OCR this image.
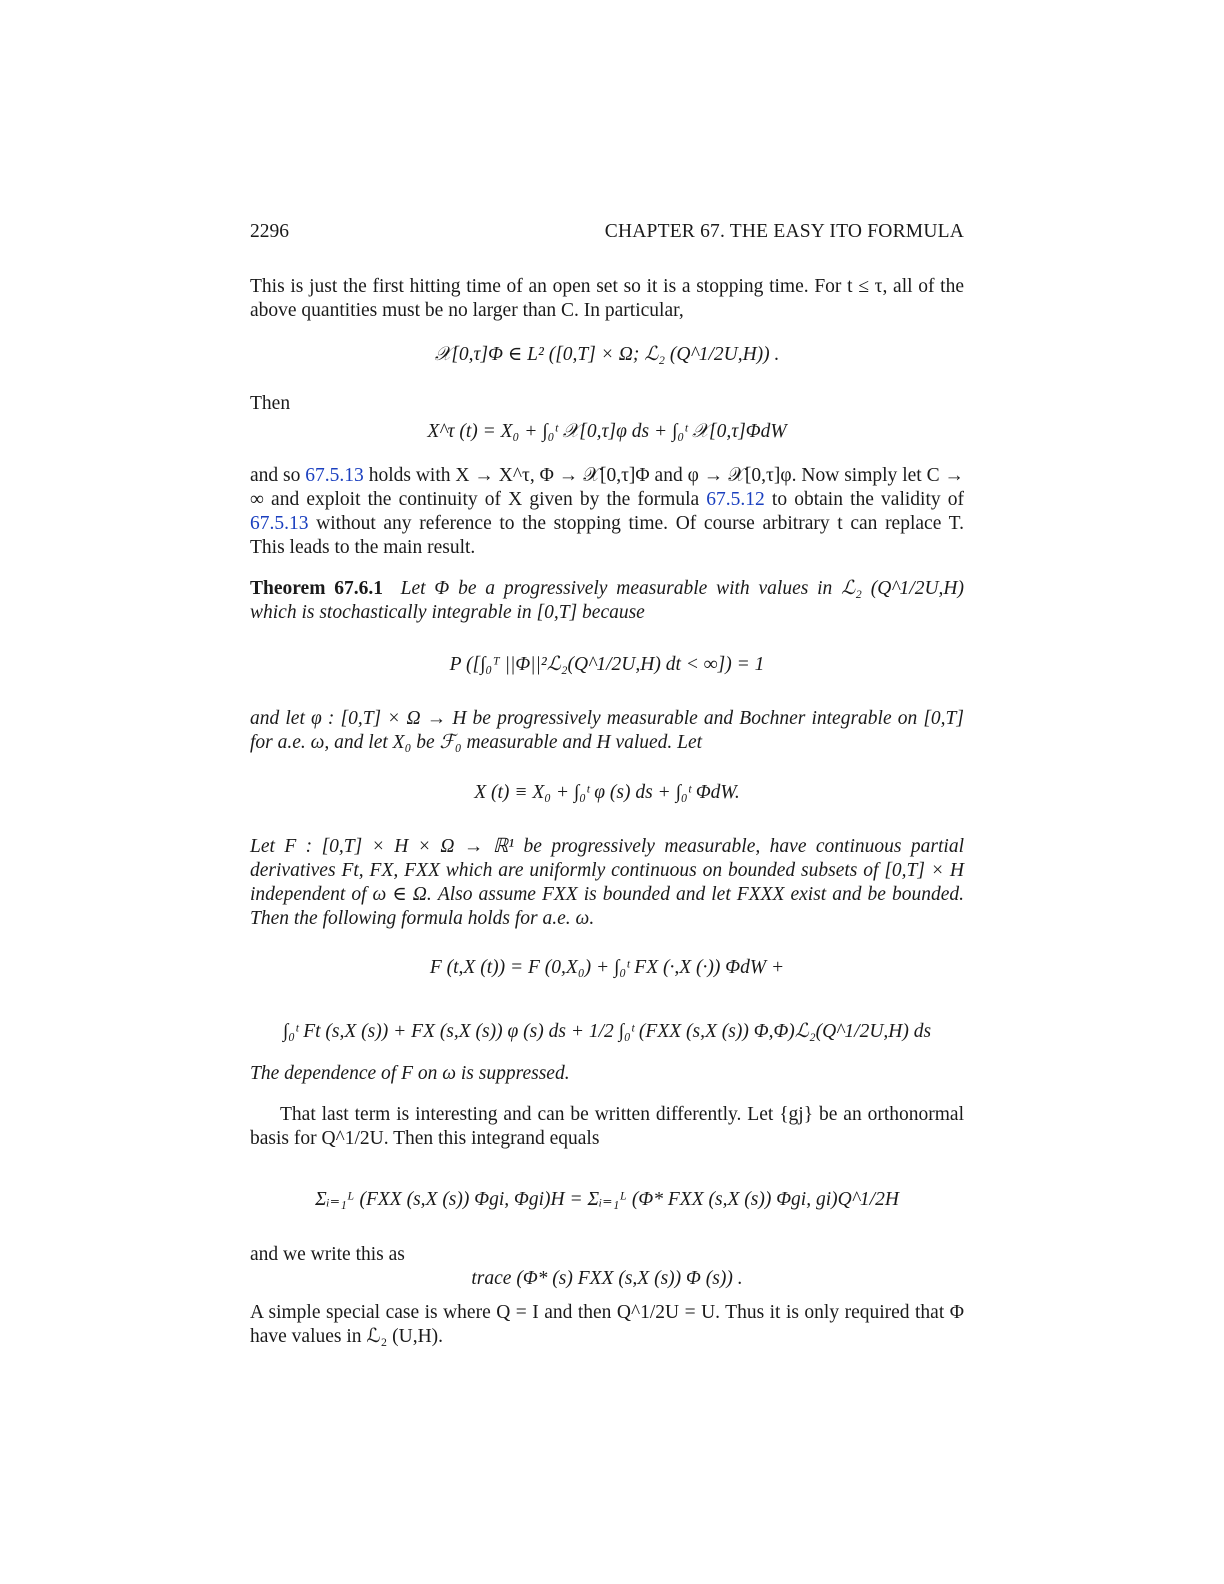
2296	CHAPTER 67. THE EASY ITO FORMULA

This is just the first hitting time of an open set so it is a stopping time. For t ≤ τ, all of the above quantities must be no larger than C. In particular,

𝒳[0,τ]Φ ∈ L² ([0,T] × Ω; ℒ₂ (Q^1/2U,H)) .
Then
X^τ (t) = X₀ + ∫₀ᵗ 𝒳[0,τ]φ ds + ∫₀ᵗ 𝒳[0,τ]ΦdW

and so 67.5.13 holds with X → X^τ, Φ → 𝒳[0,τ]Φ and φ → 𝒳[0,τ]φ. Now simply let C → ∞ and exploit the continuity of X given by the formula 67.5.12 to obtain the validity of 67.5.13 without any reference to the stopping time. Of course arbitrary t can replace T. This leads to the main result.

Theorem 67.6.1 Let Φ be a progressively measurable with values in ℒ₂ (Q^1/2U,H) which is stochastically integrable in [0,T] because

P ([∫₀ᵀ ||Φ||²ℒ₂(Q^1/2U,H) dt < ∞]) = 1

and let φ : [0,T] × Ω → H be progressively measurable and Bochner integrable on [0,T] for a.e. ω, and let X₀ be ℱ₀ measurable and H valued. Let

X (t) ≡ X₀ + ∫₀ᵗ φ (s) ds + ∫₀ᵗ ΦdW.

Let F : [0,T] × H × Ω → ℝ¹ be progressively measurable, have continuous partial derivatives Ft, FX, FXX which are uniformly continuous on bounded subsets of [0,T] × H independent of ω ∈ Ω. Also assume FXX is bounded and let FXXX exist and be bounded. Then the following formula holds for a.e. ω.

F (t,X (t)) = F (0,X₀) + ∫₀ᵗ FX (·,X (·)) ΦdW +
∫₀ᵗ Ft (s,X (s)) + FX (s,X (s)) φ (s) ds + 1/2 ∫₀ᵗ (FXX (s,X (s)) Φ,Φ)ℒ₂(Q^1/2U,H) ds

The dependence of F on ω is suppressed.

That last term is interesting and can be written differently. Let {gj} be an orthonormal basis for Q^1/2U. Then this integrand equals

Σᵢ₌₁ᴸ (FXX (s,X (s)) Φgi, Φgi)H = Σᵢ₌₁ᴸ (Φ* FXX (s,X (s)) Φgi, gi)Q^1/2H
and we write this as
trace (Φ* (s) FXX (s,X (s)) Φ (s)) .

A simple special case is where Q = I and then Q^1/2U = U. Thus it is only required that Φ have values in ℒ₂ (U,H).
